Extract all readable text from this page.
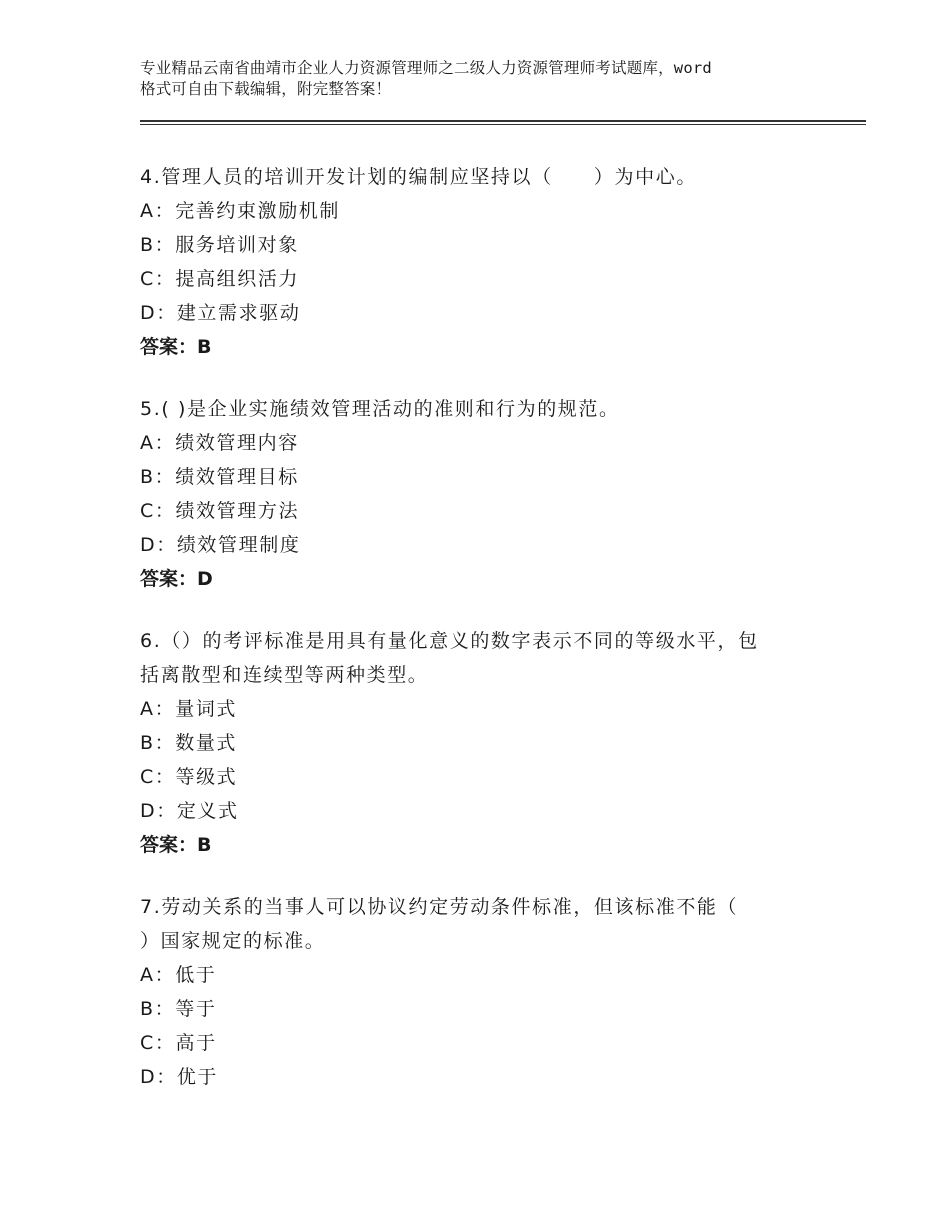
专业精品云南省曲靖市企业人力资源管理师之二级人力资源管理师考试题库，word
格式可自由下载编辑，附完整答案！
4.管理人员的培训开发计划的编制应坚持以（　　）为中心。
A：完善约束激励机制
B：服务培训对象
C：提高组织活力
D：建立需求驱动
答案：B
5.( )是企业实施绩效管理活动的准则和行为的规范。
A：绩效管理内容
B：绩效管理目标
C：绩效管理方法
D：绩效管理制度
答案：D
6.（）的考评标准是用具有量化意义的数字表示不同的等级水平，包
括离散型和连续型等两种类型。
A：量词式
B：数量式
C：等级式
D：定义式
答案：B
7.劳动关系的当事人可以协议约定劳动条件标准，但该标准不能（
）国家规定的标准。
A：低于
B：等于
C：高于
D：优于
